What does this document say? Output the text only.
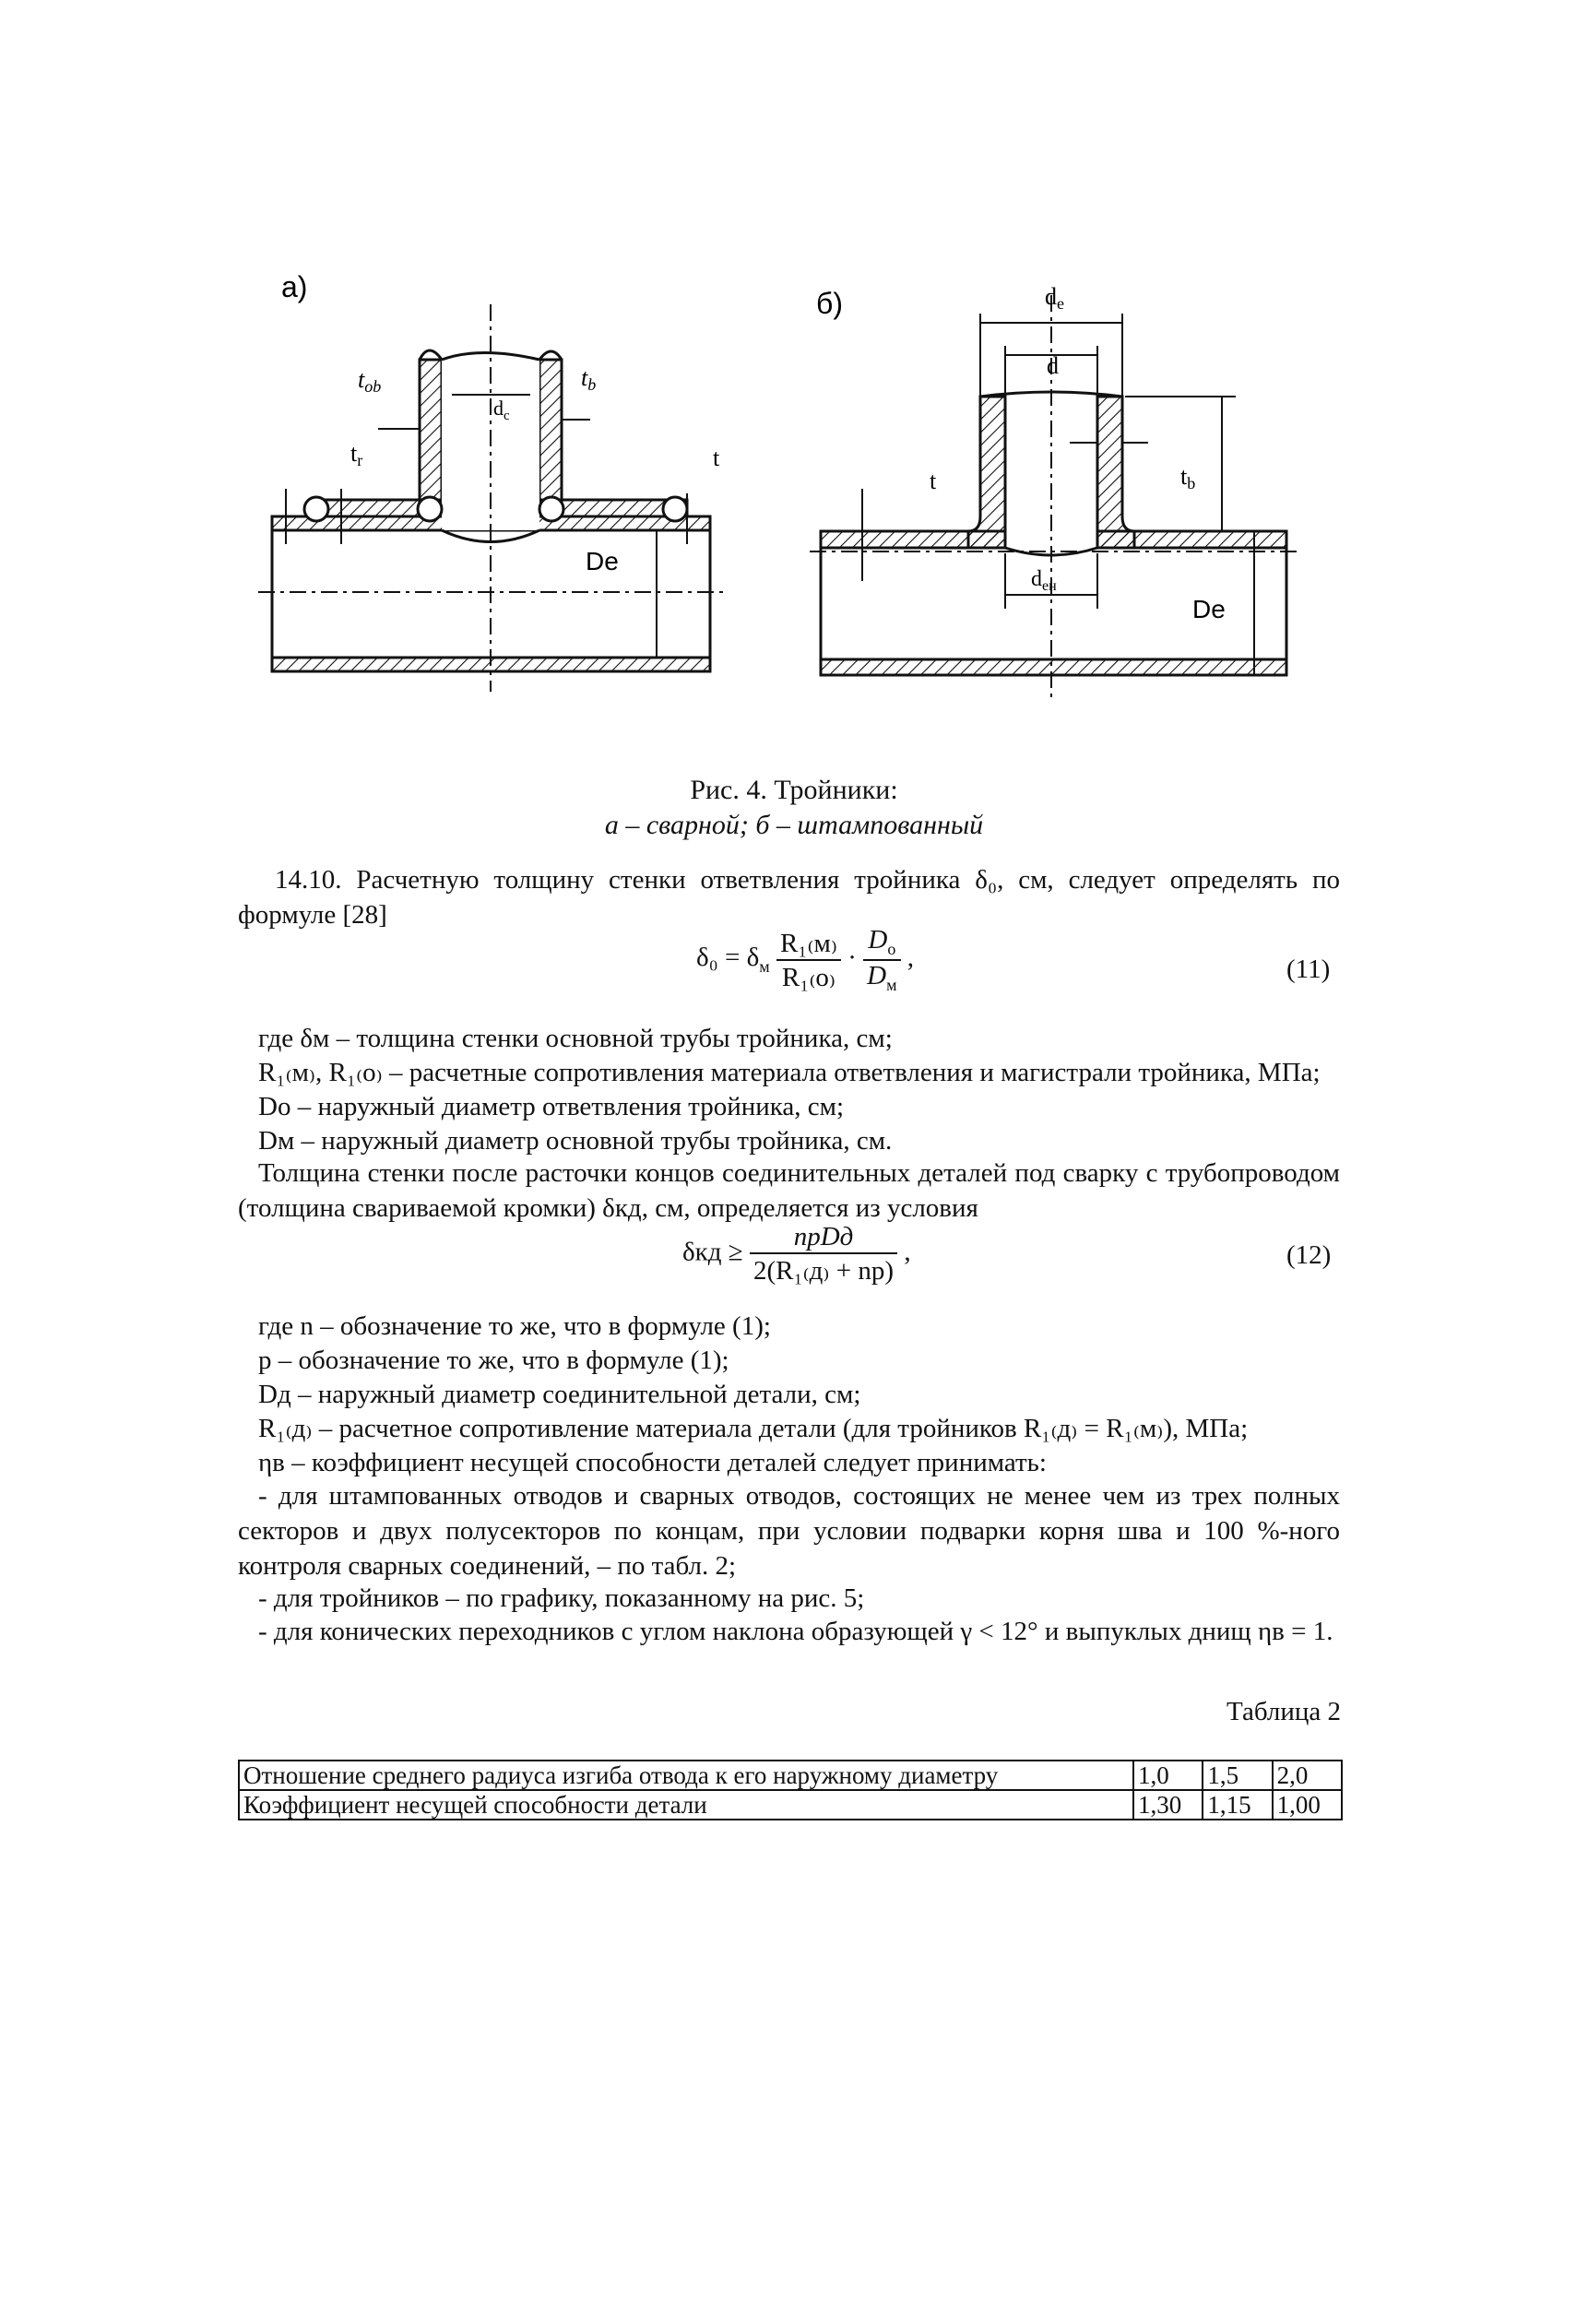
а)
tob	tb
tr
$d_c$
t
De
б)	de
d
t	tb
$d_{eн}$
De
Рис. 4. Тройники:
а – сварной; б – штампованный
14.10. Расчетную толщину стенки ответвления тройника δ₀, см, следует определять по формуле [28]
$\delta_0 = \delta_м \frac{\text{R₁₍м₎}}{\text{R₁₍о₎}} \cdot \frac{D_о}{D_м}$ ,	(11)
где δм – толщина стенки основной трубы тройника, см;
R₁₍м₎, R₁₍о₎ – расчетные сопротивления материала ответвления и магистрали тройника, МПа;
Dо – наружный диаметр ответвления тройника, см;
Dм – наружный диаметр основной трубы тройника, см.
Толщина стенки после расточки концов соединительных деталей под сварку с трубопроводом (толщина свариваемой кромки) δкд, см, определяется из условия
$\delta кд \ge \frac{\text{npDд}}{\text{2(R₁₍д₎ + np)}}$ ,	(12)
где n – обозначение то же, что в формуле (1);
p – обозначение то же, что в формуле (1);
Dд – наружный диаметр соединительной детали, см;
R₁₍д₎ – расчетное сопротивление материала детали (для тройников R₁₍д₎ = R₁₍м₎), МПа;
ηв – коэффициент несущей способности деталей следует принимать:
- для штампованных отводов и сварных отводов, состоящих не менее чем из трех полных секторов и двух полусекторов по концам, при условии подварки корня шва и 100 %-ного контроля сварных соединений, – по табл. 2;
- для тройников – по графику, показанному на рис. 5;
- для конических переходников с углом наклона образующей γ < 12° и выпуклых днищ ηв = 1.
Таблица 2
Отношение среднего радиуса изгиба отвода к его наружному диаметру	1,0	1,5	2,0
Коэффициент несущей способности детали	1,30	1,15	1,00
